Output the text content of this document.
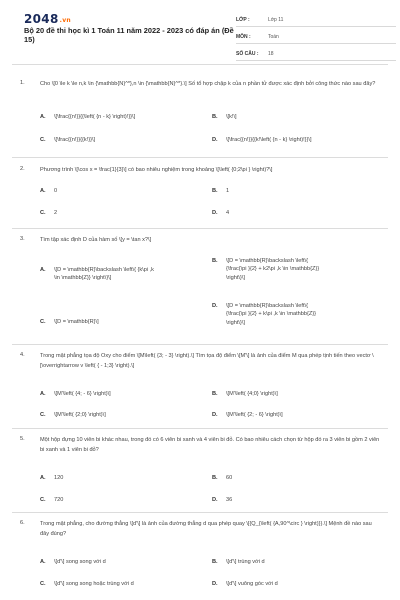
2048.vn
Bộ 20 đề thi học kì 1 Toán 11 năm 2022 - 2023 có đáp án (Đề 15)
LỚP :	Lớp 11
MÔN :	Toán
SỐ CÂU :	18
1.	Cho \[0 \le k \le n,k \in {\mathbb{N}^*},n \in {\mathbb{N}^*}.\] Số tổ hợp chập k của n phần tử được xác định bởi công thức nào sau đây?
A. \[\frac{{n!}}{{\left( {n - k} \right)!}}\]	B. \[k!\]
C. \[\frac{{n!}}{{k!}}\]	D. \[\frac{{n!}}{{k!\left( {n - k} \right)!}}\]
2.	Phương trình \[\cos x = \frac{1}{3}\] có bao nhiêu nghiệm trong khoảng \[\left( {0;2\pi } \right)?\]
A. 0	B. 1
C. 2	D. 4
3.	Tìm tập xác định D của hàm số \[y = \tan x?\]
A.	\[D = \mathbb{R}\backslash \left\{ {k\pi ,k
\in \mathbb{Z}} \right\}\]
B.	\[D = \mathbb{R}\backslash \left\{
{\frac{\pi }{2} + k2\pi ,k \in \mathbb{Z}}
\right\}\]
C.	\[D = \mathbb{R}\]
D.	\[D = \mathbb{R}\backslash \left\{
{\frac{\pi }{2} + k\pi ,k \in \mathbb{Z}}
\right\}\]
4.	Trong mặt phẳng tọa độ Oxy cho điểm \[M\left( {3; - 3} \right).\] Tìm tọa độ điểm \[M'\] là ảnh của điểm M qua phép tịnh tiến theo vectơ \[\overrightarrow v \left( { - 1;3} \right).\]
A. \[M'\left( {4; - 6} \right)\]	B. \[M'\left( {4;0} \right)\]
C. \[M'\left( {2;0} \right)\]	D. \[M'\left( {2; - 6} \right)\]
5.	Một hộp đựng 10 viên bi khác nhau, trong đó có 6 viên bi xanh và 4 viên bi đỏ. Có bao nhiêu cách chọn từ hộp đó ra 3 viên bi gồm 2 viên bi xanh và 1 viên bi đỏ?
A. 120	B. 60
C. 720	D. 36
6.	Trong mặt phẳng, cho đường thẳng \[d'\] là ảnh của đường thẳng d qua phép quay \[{Q_{\left( {A,90^\circ } \right)}}.\] Mệnh đề nào sau đây đúng?
A. \[d'\] song song với d	B. \[d'\] trùng với d
C. \[d'\] song song hoặc trùng với d	D. \[d'\] vuông góc với d
